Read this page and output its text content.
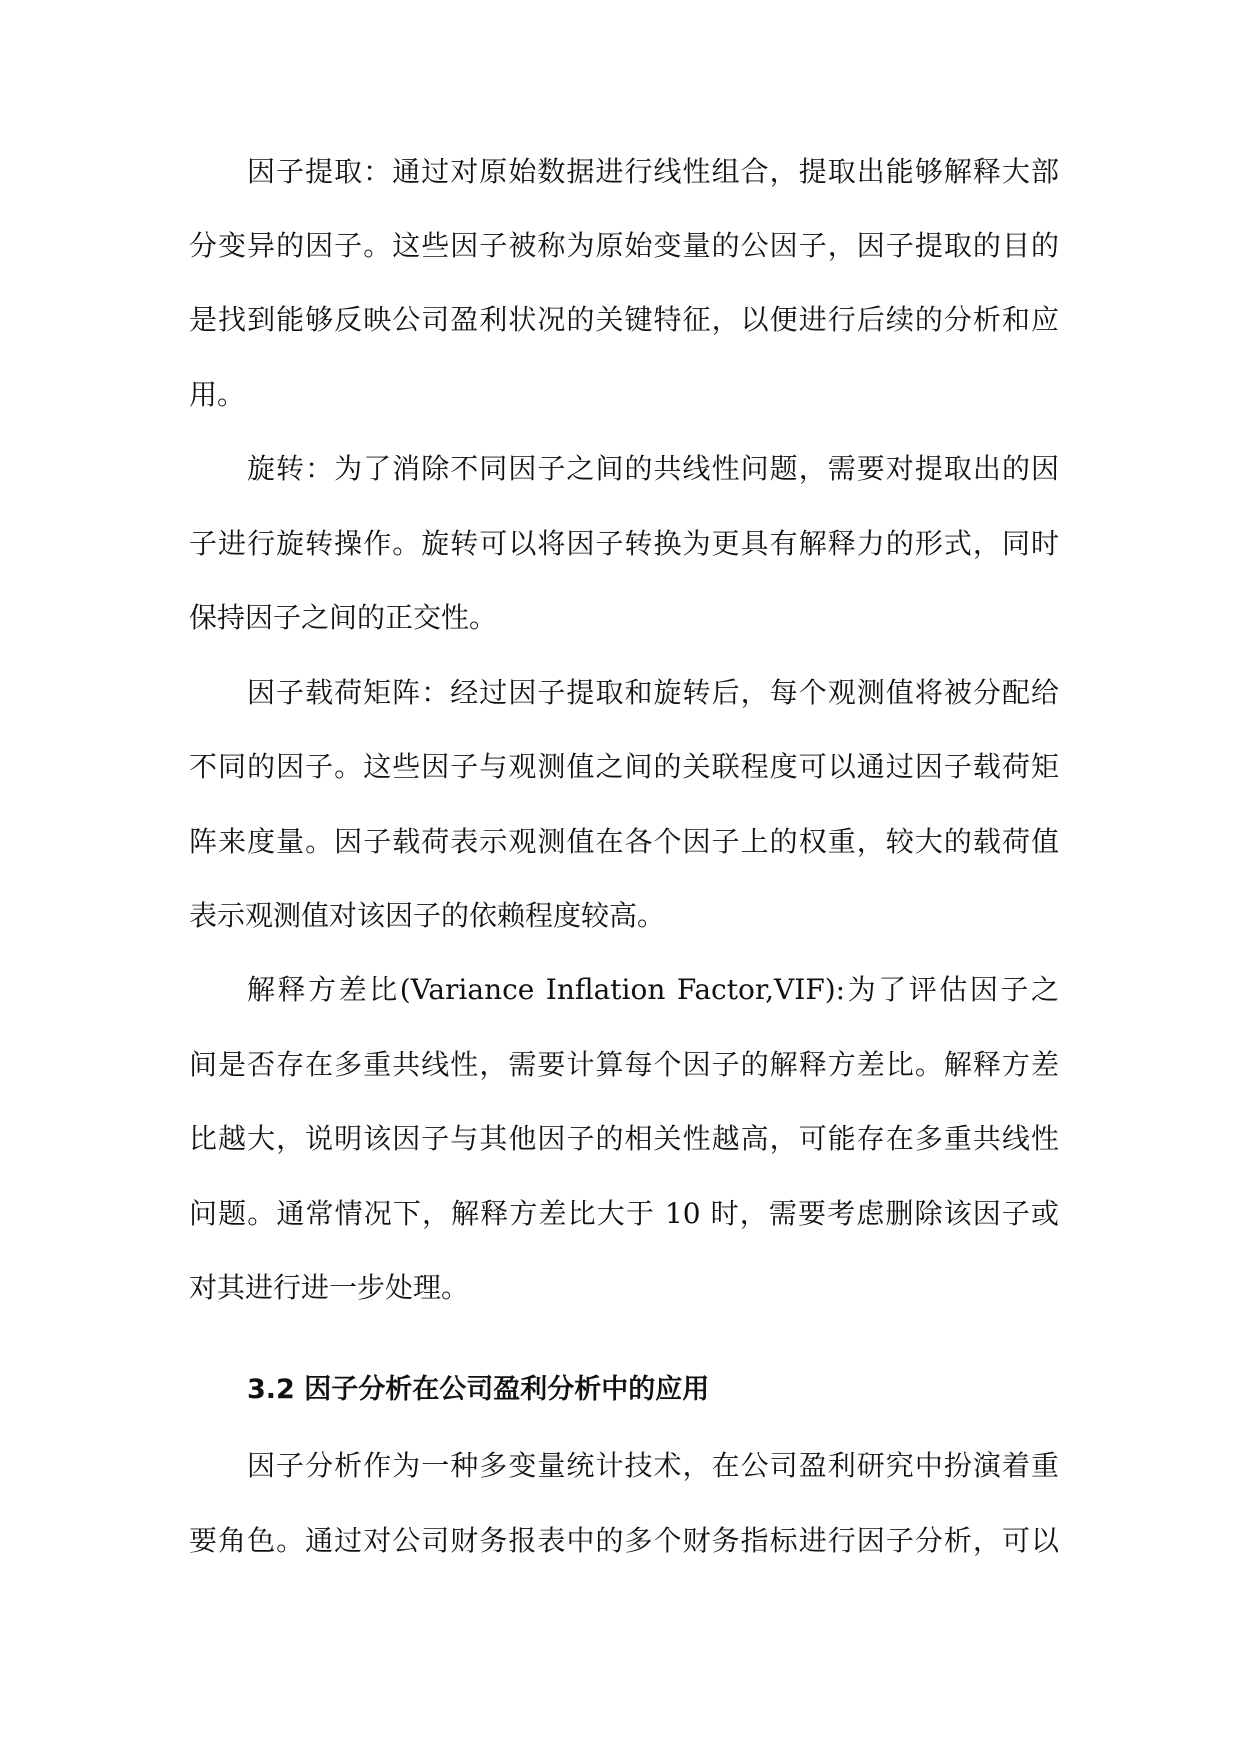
因子提取：通过对原始数据进行线性组合，提取出能够解释大部
分变异的因子。这些因子被称为原始变量的公因子，因子提取的目的
是找到能够反映公司盈利状况的关键特征，以便进行后续的分析和应
用。
旋转：为了消除不同因子之间的共线性问题，需要对提取出的因
子进行旋转操作。旋转可以将因子转换为更具有解释力的形式，同时
保持因子之间的正交性。
因子载荷矩阵：经过因子提取和旋转后，每个观测值将被分配给
不同的因子。这些因子与观测值之间的关联程度可以通过因子载荷矩
阵来度量。因子载荷表示观测值在各个因子上的权重，较大的载荷值
表示观测值对该因子的依赖程度较高。
解释方差比(Variance Inflation Factor,VIF):为了评估因子之
间是否存在多重共线性，需要计算每个因子的解释方差比。解释方差
比越大，说明该因子与其他因子的相关性越高，可能存在多重共线性
问题。通常情况下，解释方差比大于 10 时，需要考虑删除该因子或
对其进行进一步处理。
3.2 因子分析在公司盈利分析中的应用
因子分析作为一种多变量统计技术，在公司盈利研究中扮演着重
要角色。通过对公司财务报表中的多个财务指标进行因子分析，可以
